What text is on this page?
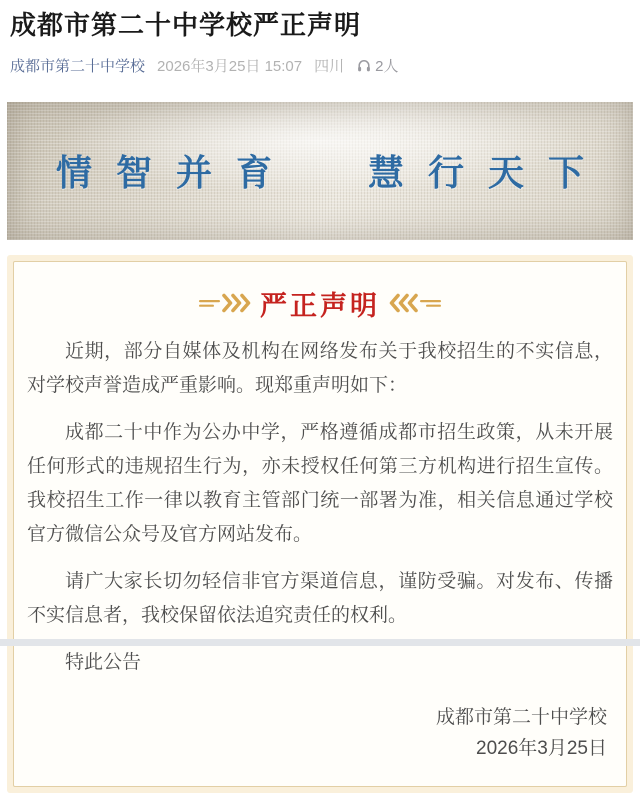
成都市第二十中学校严正声明
成都市第二十中学校 2026年3月25日 15:07 四川 2人
情智并育 慧行天下
严正声明

近期，部分自媒体及机构在网络发布关于我校招生的不实信息，对学校声誉造成严重影响。现郑重声明如下：

成都二十中作为公办中学，严格遵循成都市招生政策，从未开展任何形式的违规招生行为，亦未授权任何第三方机构进行招生宣传。我校招生工作一律以教育主管部门统一部署为准，相关信息通过学校官方微信公众号及官方网站发布。

请广大家长切勿轻信非官方渠道信息，谨防受骗。对发布、传播不实信息者，我校保留依法追究责任的权利。

特此公告

成都市第二十中学校
2026年3月25日
